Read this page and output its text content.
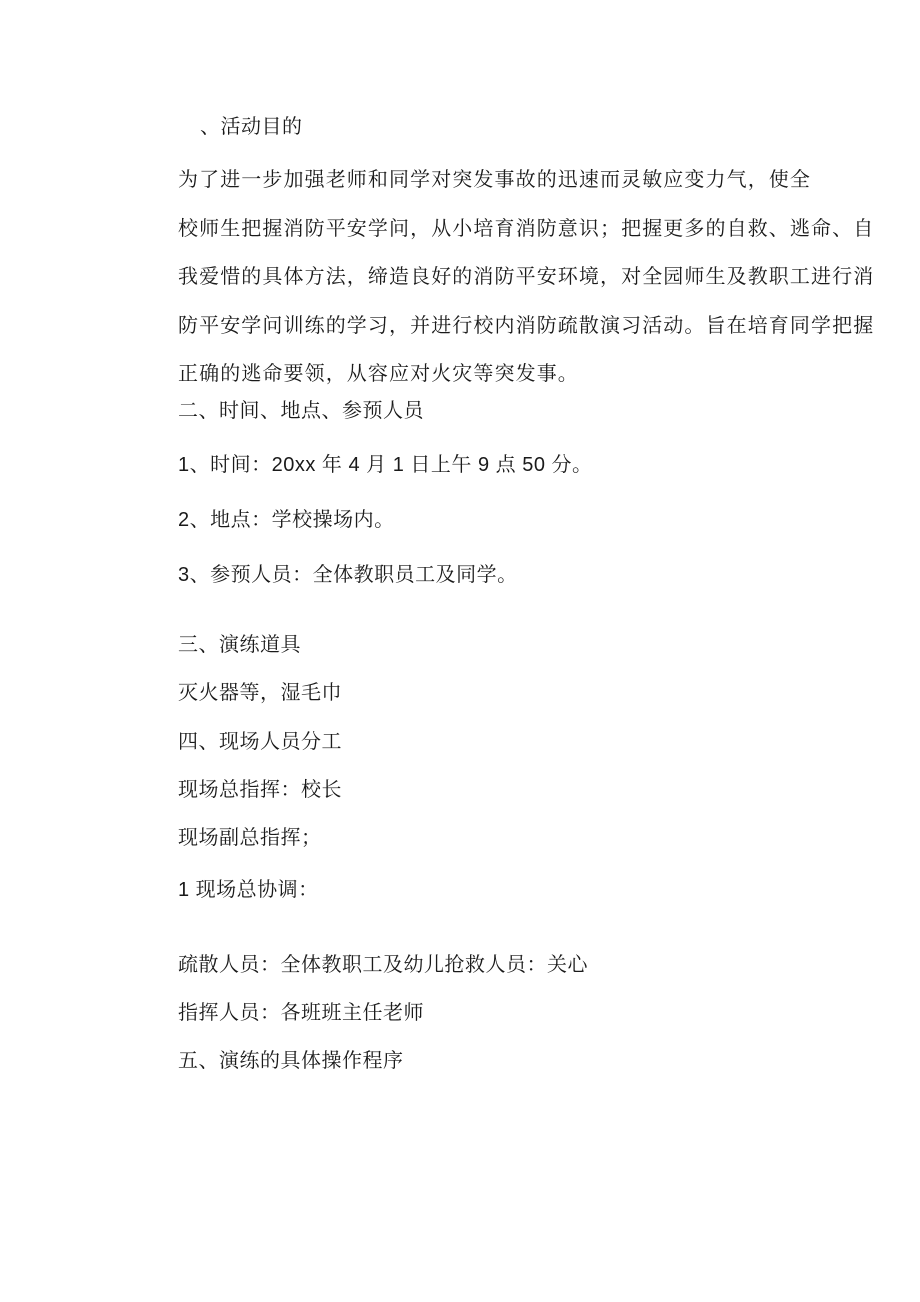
、活动目的
为了进一步加强老师和同学对突发事故的迅速而灵敏应变力气，使全
校师生把握消防平安学问，从小培育消防意识；把握更多的自救、逃命、自
我爱惜的具体方法，缔造良好的消防平安环境，对全园师生及教职工进行消
防平安学问训练的学习，并进行校内消防疏散演习活动。旨在培育同学把握
正确的逃命要领，从容应对火灾等突发事。
二、时间、地点、参预人员
1、时间：20xx 年 4 月 1 日上午 9 点 50 分。
2、地点：学校操场内。
3、参预人员：全体教职员工及同学。
三、演练道具
灭火器等，湿毛巾
四、现场人员分工
现场总指挥：校长
现场副总指挥；
1 现场总协调：
疏散人员：全体教职工及幼儿抢救人员：关心
指挥人员：各班班主任老师
五、演练的具体操作程序
